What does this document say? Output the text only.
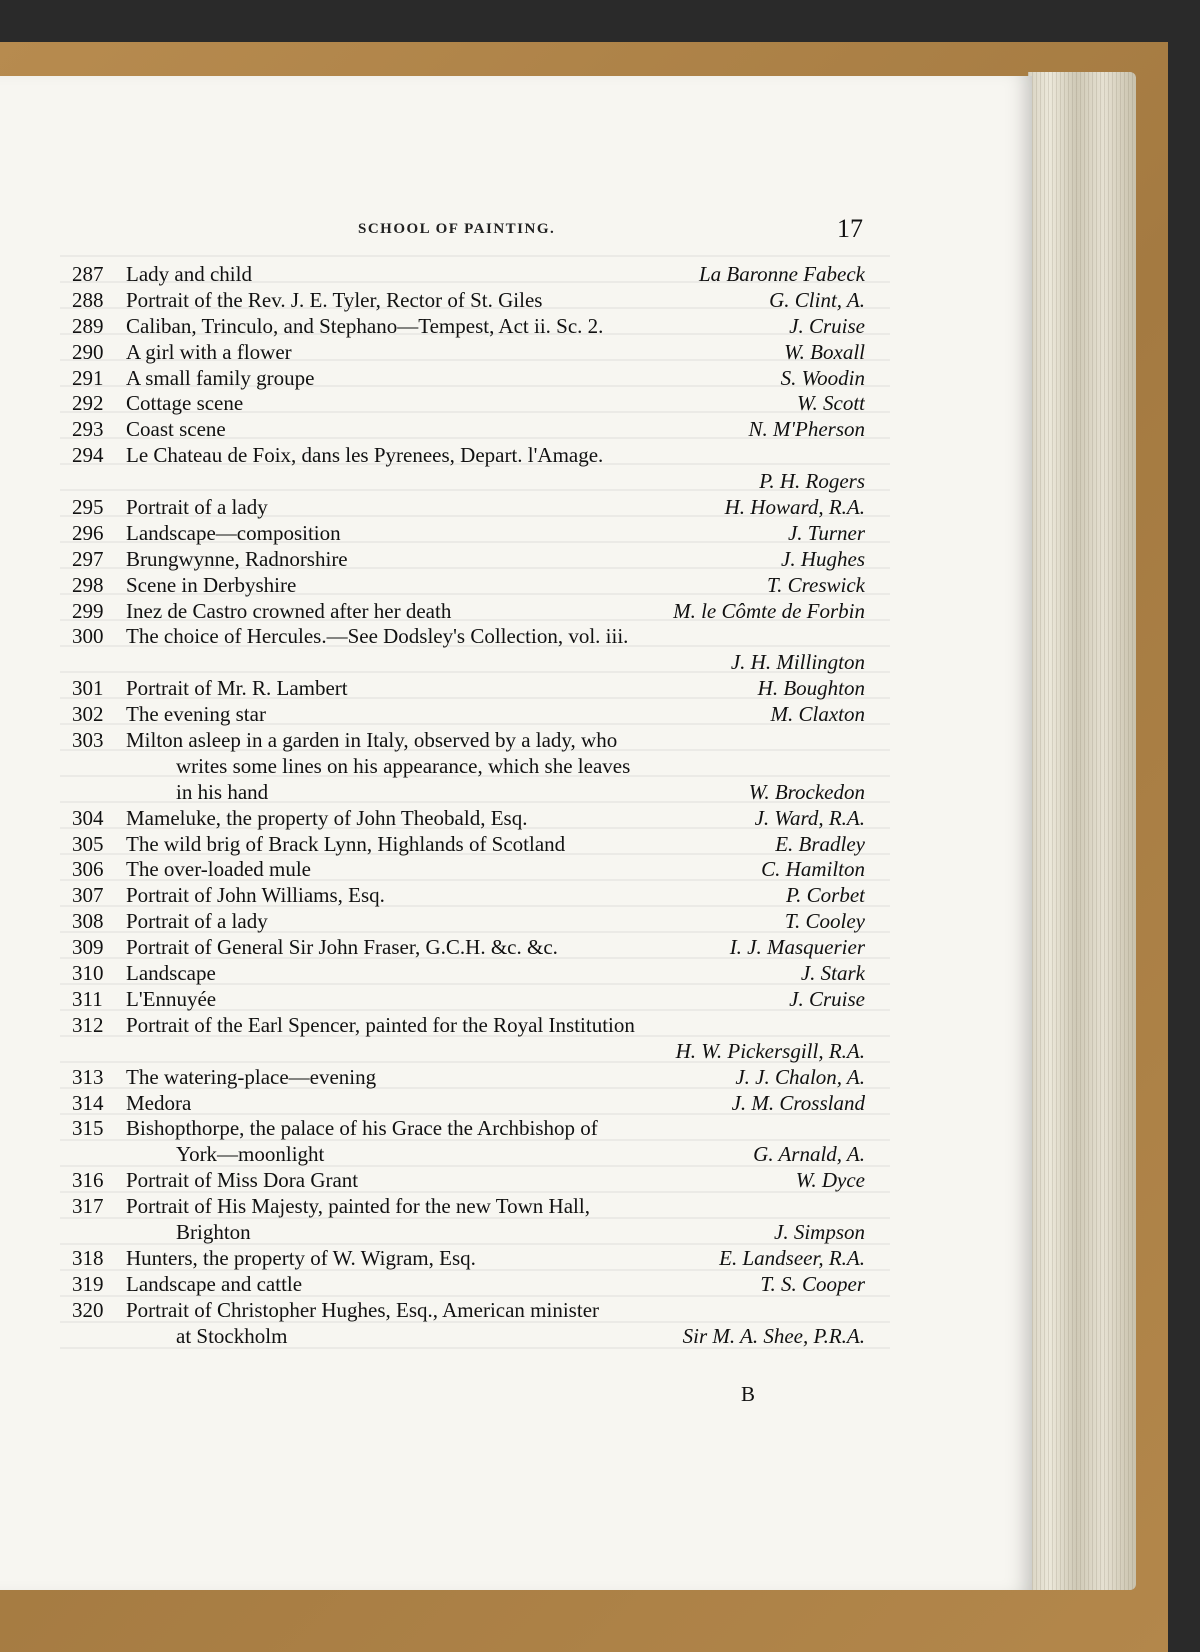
SCHOOL OF PAINTING.	17
287	Lady and child	La Baronne Fabeck
288	Portrait of the Rev. J. E. Tyler, Rector of St. Giles	G. Clint, A.
289	Caliban, Trinculo, and Stephano—Tempest, Act ii. Sc. 2.	J. Cruise
290	A girl with a flower	W. Boxall
291	A small family groupe	S. Woodin
292	Cottage scene	W. Scott
293	Coast scene	N. M'Pherson
294	Le Chateau de Foix, dans les Pyrenees, Depart. l'Amage.
P. H. Rogers
295	Portrait of a lady	H. Howard, R.A.
296	Landscape—composition	J. Turner
297	Brungwynne, Radnorshire	J. Hughes
298	Scene in Derbyshire	T. Creswick
299	Inez de Castro crowned after her death	M. le Cômte de Forbin
300	The choice of Hercules.—See Dodsley's Collection, vol. iii.
J. H. Millington
301	Portrait of Mr. R. Lambert	H. Boughton
302	The evening star	M. Claxton
303	Milton asleep in a garden in Italy, observed by a lady, who
writes some lines on his appearance, which she leaves
in his hand	W. Brockedon
304	Mameluke, the property of John Theobald, Esq.	J. Ward, R.A.
305	The wild brig of Brack Lynn, Highlands of Scotland	E. Bradley
306	The over-loaded mule	C. Hamilton
307	Portrait of John Williams, Esq.	P. Corbet
308	Portrait of a lady	T. Cooley
309	Portrait of General Sir John Fraser, G.C.H. &c. &c.	I. J. Masquerier
310	Landscape	J. Stark
311	L'Ennuyée	J. Cruise
312	Portrait of the Earl Spencer, painted for the Royal Institution
H. W. Pickersgill, R.A.
313	The watering-place—evening	J. J. Chalon, A.
314	Medora	J. M. Crossland
315	Bishopthorpe, the palace of his Grace the Archbishop of
York—moonlight	G. Arnald, A.
316	Portrait of Miss Dora Grant	W. Dyce
317	Portrait of His Majesty, painted for the new Town Hall,
Brighton	J. Simpson
318	Hunters, the property of W. Wigram, Esq.	E. Landseer, R.A.
319	Landscape and cattle	T. S. Cooper
320	Portrait of Christopher Hughes, Esq., American minister
at Stockholm	Sir M. A. Shee, P.R.A.
B
